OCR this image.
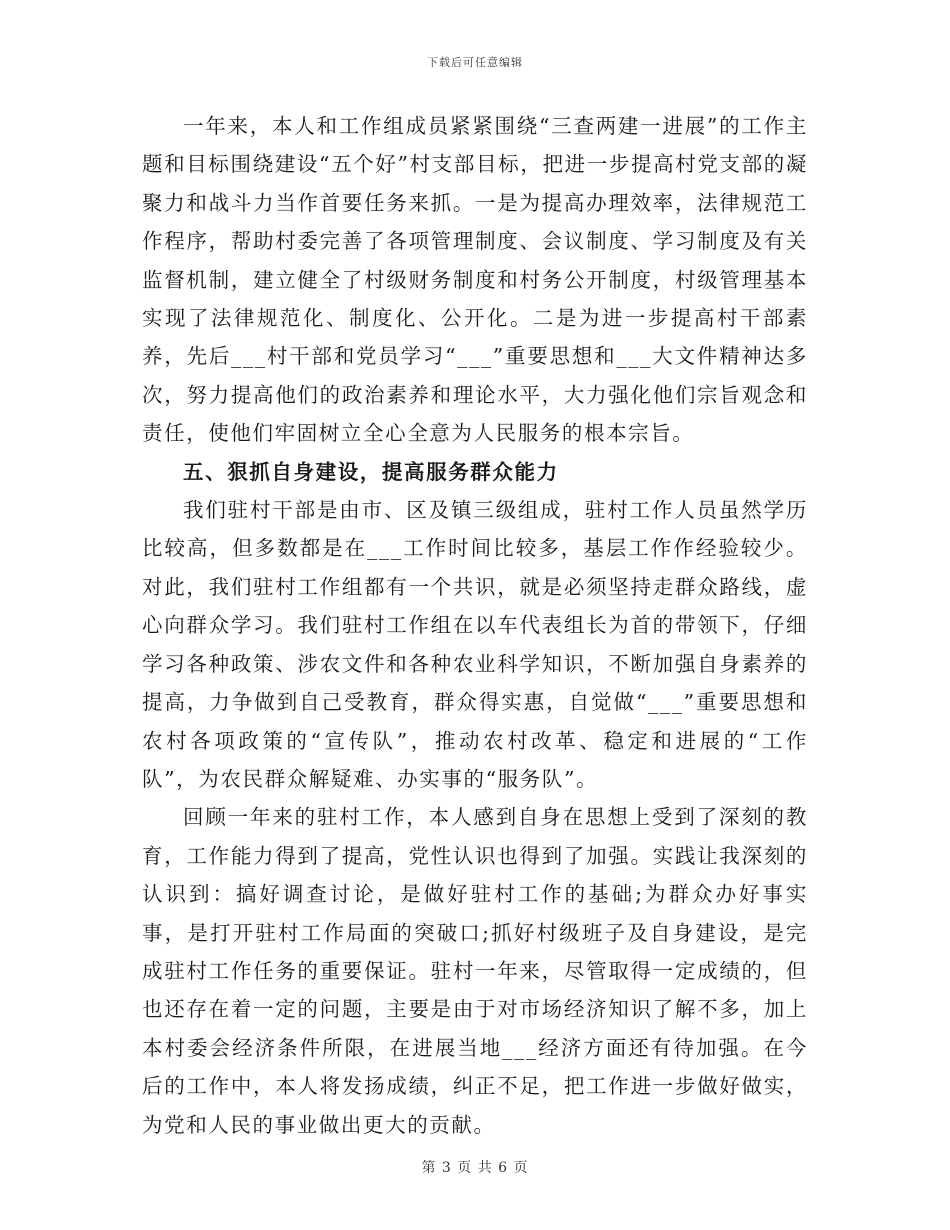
下载后可任意编辑

一年来，本人和工作组成员紧紧围绕“三查两建一进展”的工作主题和目标围绕建设“五个好”村支部目标，把进一步提高村党支部的凝聚力和战斗力当作首要任务来抓。一是为提高办理效率，法律规范工作程序，帮助村委完善了各项管理制度、会议制度、学习制度及有关监督机制，建立健全了村级财务制度和村务公开制度，村级管理基本实现了法律规范化、制度化、公开化。二是为进一步提高村干部素养，先后___村干部和党员学习“___”重要思想和___大文件精神达多次，努力提高他们的政治素养和理论水平，大力强化他们宗旨观念和责任，使他们牢固树立全心全意为人民服务的根本宗旨。

五、狠抓自身建设，提高服务群众能力

我们驻村干部是由市、区及镇三级组成，驻村工作人员虽然学历比较高，但多数都是在___工作时间比较多，基层工作作经验较少。对此，我们驻村工作组都有一个共识，就是必须坚持走群众路线，虚心向群众学习。我们驻村工作组在以车代表组长为首的带领下，仔细学习各种政策、涉农文件和各种农业科学知识，不断加强自身素养的提高，力争做到自己受教育，群众得实惠，自觉做“___”重要思想和农村各项政策的“宣传队”，推动农村改革、稳定和进展的“工作队”，为农民群众解疑难、办实事的“服务队”。

回顾一年来的驻村工作，本人感到自身在思想上受到了深刻的教育，工作能力得到了提高，党性认识也得到了加强。实践让我深刻的认识到：搞好调查讨论，是做好驻村工作的基础;为群众办好事实事，是打开驻村工作局面的突破口;抓好村级班子及自身建设，是完成驻村工作任务的重要保证。驻村一年来，尽管取得一定成绩的，但也还存在着一定的问题，主要是由于对市场经济知识了解不多，加上本村委会经济条件所限，在进展当地___经济方面还有待加强。在今后的工作中，本人将发扬成绩，纠正不足，把工作进一步做好做实，为党和人民的事业做出更大的贡献。

第 3 页 共 6 页
